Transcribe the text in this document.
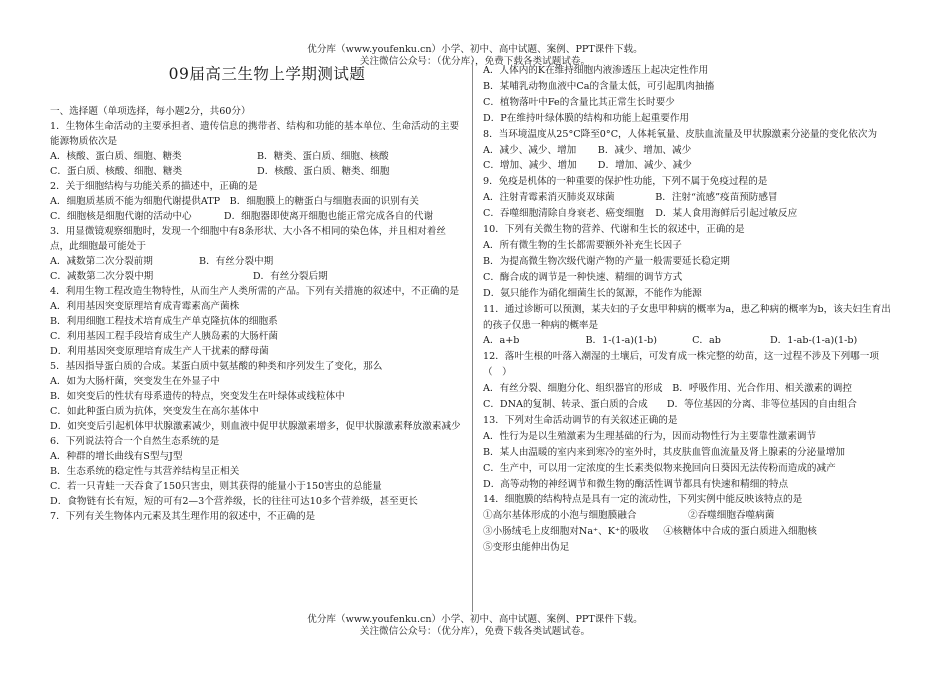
优分库（www.youfenku.cn）小学、初中、高中试题、案例、PPT课件下载。
关注微信公众号：（优分库），免费下载各类试题试卷。
09届高三生物上学期测试题
一、选择题（单项选择，每小题2分，共60分）
1．生物体生命活动的主要承担者、遗传信息的携带者、结构和功能的基本单位、生命活动的主要能源物质依次是
A．核酸、蛋白质、细胞、糖类	B．糖类、蛋白质、细胞、核酸
C．蛋白质、核酸、细胞、糖类	D．核酸、蛋白质、糖类、细胞
2．关于细胞结构与功能关系的描述中，正确的是
A．细胞质基质不能为细胞代谢提供ATP　B．细胞膜上的糖蛋白与细胞表面的识别有关
C．细胞核是细胞代谢的活动中心	D．细胞器即使离开细胞也能正常完成各自的代谢
3．用显微镜观察细胞时，发现一个细胞中有8条形状、大小各不相同的染色体，并且相对着丝点，此细胞最可能处于
A．减数第二次分裂前期	B．有丝分裂中期
C．减数第二次分裂中期	D．有丝分裂后期
4．利用生物工程改造生物特性，从而生产人类所需的产品。下列有关措施的叙述中，不正确的是　　A．利用基因突变原理培育成青霉素高产菌株
B．利用细胞工程技术培育成生产单克隆抗体的细胞系
C．利用基因工程手段培育成生产人胰岛素的大肠杆菌
D．利用基因突变原理培育成生产人干扰素的酵母菌
5．基因指导蛋白质的合成。某蛋白质中氨基酸的种类和序列发生了变化，那么
A．如为大肠杆菌，突变发生在外显子中
B．如突变后的性状有母系遗传的特点，突变发生在叶绿体或线粒体中
C．如此种蛋白质为抗体，突变发生在高尔基体中
D．如突变后引起机体甲状腺激素减少，则血液中促甲状腺激素增多，促甲状腺激素释放激素减少
6．下列说法符合一个自然生态系统的是
A．种群的增长曲线有S型与J型
B．生态系统的稳定性与其营养结构呈正相关
C．若一只青蛙一天吞食了150只害虫，则其获得的能量小于150害虫的总能量
D．食物链有长有短，短的可有2—3个营养级，长的往往可达10多个营养级，甚至更长
7．下列有关生物体内元素及其生理作用的叙述中，不正确的是
A．人体内的K在维持细胞内液渗透压上起决定性作用
B．某哺乳动物血液中Ca的含量太低，可引起肌肉抽搐
C．植物落叶中Fe的含量比其正常生长时要少
D．P在维持叶绿体膜的结构和功能上起重要作用
8．当环境温度从25°C降至0°C，人体耗氧量、皮肤血流量及甲状腺激素分泌量的变化依次为
A．减少、减少、增加	B．减少、增加、减少
C．增加、减少、增加	D．增加、减少、减少
9．免疫是机体的一种重要的保护性功能，下列不属于免疫过程的是
A．注射青霉素消灭肺炎双球菌	B．注射“流感”疫苗预防感冒
C．吞噬细胞清除自身衰老、癌变细胞	D．某人食用海鲜后引起过敏反应
10．下列有关微生物的营养、代谢和生长的叙述中，正确的是
A．所有微生物的生长都需要额外补充生长因子
B．为提高微生物次级代谢产物的产量一般需要延长稳定期
C．酶合成的调节是一种快速、精细的调节方式
D．氨只能作为硝化细菌生长的氮源，不能作为能源
11．通过诊断可以预测，某夫妇的子女患甲种病的概率为a，患乙种病的概率为b，该夫妇生育出的孩子仅患一种病的概率是
A．a+b	B．1-(1-a)(1-b)	C．ab	D．1-ab-(1-a)(1-b)
12．落叶生根的叶落入潮湿的土壤后，可发育成一株完整的幼苗，这一过程不涉及下列哪一项（　）
A．有丝分裂、细胞分化、组织器官的形成　B．呼吸作用、光合作用、相关激素的调控
C．DNA的复制、转录、蛋白质的合成　　D．等位基因的分离、非等位基因的自由组合
13．下列对生命活动调节的有关叙述正确的是
A．性行为是以生殖激素为生理基础的行为，因而动物性行为主要靠性激素调节
B．某人由温暖的室内来到寒冷的室外时，其皮肤血管血流量及肾上腺素的分泌量增加
C．生产中，可以用一定浓度的生长素类似物来挽回向日葵因无法传粉而造成的减产
D．高等动物的神经调节和微生物的酶活性调节都具有快速和精细的特点
14．细胞膜的结构特点是具有一定的流动性，下列实例中能反映该特点的是
①高尔基体形成的小泡与细胞膜融合	②吞噬细胞吞噬病菌
③小肠绒毛上皮细胞对Na⁺、K⁺的吸收	④核糖体中合成的蛋白质进入细胞核
⑤变形虫能伸出伪足
优分库（www.youfenku.cn）小学、初中、高中试题、案例、PPT课件下载。
关注微信公众号：（优分库），免费下载各类试题试卷。
